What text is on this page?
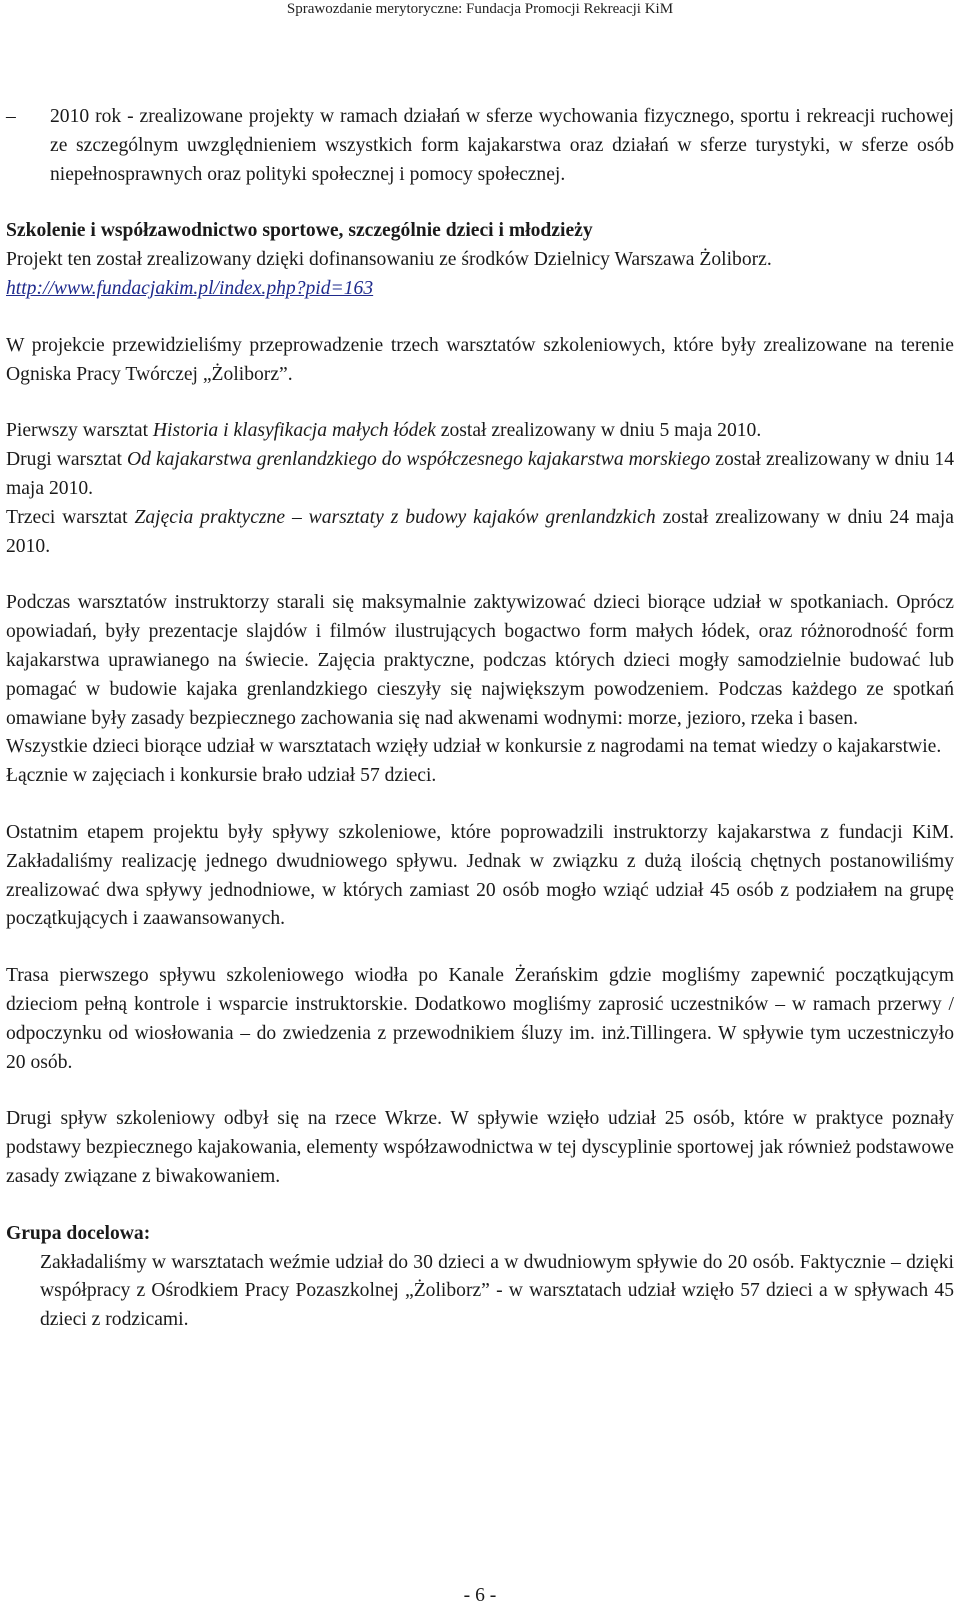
Sprawozdanie merytoryczne: Fundacja Promocji Rekreacji KiM
–	2010 rok - zrealizowane projekty w ramach działań w sferze wychowania fizycznego, sportu i rekreacji ruchowej ze szczególnym uwzględnieniem wszystkich form kajakarstwa oraz działań w sferze turystyki, w sferze osób niepełnosprawnych oraz polityki społecznej i pomocy społecznej.

Szkolenie i współzawodnictwo sportowe, szczególnie dzieci i młodzieży

Projekt ten został zrealizowany dzięki dofinansowaniu ze środków Dzielnicy Warszawa Żoliborz.

http://www.fundacjakim.pl/index.php?pid=163

W projekcie przewidzieliśmy przeprowadzenie trzech warsztatów szkoleniowych, które były zrealizowane na terenie Ogniska Pracy Twórczej „Żoliborz”.

Pierwszy warsztat Historia i klasyfikacja małych łódek został zrealizowany w dniu 5 maja 2010.

Drugi warsztat Od kajakarstwa grenlandzkiego do współczesnego kajakarstwa morskiego został zrealizowany w dniu 14 maja 2010.

Trzeci warsztat Zajęcia praktyczne – warsztaty z budowy kajaków grenlandzkich został zrealizowany w dniu 24 maja 2010.

Podczas warsztatów instruktorzy starali się maksymalnie zaktywizować dzieci biorące udział w spotkaniach. Oprócz opowiadań, były prezentacje slajdów i filmów ilustrujących bogactwo form małych łódek, oraz różnorodność form kajakarstwa uprawianego na świecie. Zajęcia praktyczne, podczas których dzieci mogły samodzielnie budować lub pomagać w budowie kajaka grenlandzkiego cieszyły się największym powodzeniem. Podczas każdego ze spotkań omawiane były zasady bezpiecznego zachowania się nad akwenami wodnymi: morze, jezioro, rzeka i basen.

Wszystkie dzieci biorące udział w warsztatach wzięły udział w konkursie z nagrodami na temat wiedzy o kajakarstwie.

Łącznie w zajęciach i konkursie brało udział 57 dzieci.

Ostatnim etapem projektu były spływy szkoleniowe, które poprowadzili instruktorzy kajakarstwa z fundacji KiM. Zakładaliśmy realizację jednego dwudniowego spływu. Jednak w związku z dużą ilością chętnych postanowiliśmy zrealizować dwa spływy jednodniowe, w których zamiast 20 osób mogło wziąć udział 45 osób z podziałem na grupę początkujących i zaawansowanych.

Trasa pierwszego spływu szkoleniowego wiodła po Kanale Żerańskim gdzie mogliśmy zapewnić początkującym dzieciom pełną kontrole i wsparcie instruktorskie. Dodatkowo mogliśmy zaprosić uczestników – w ramach przerwy / odpoczynku od wiosłowania – do zwiedzenia z przewodnikiem śluzy im. inż.Tillingera. W spływie tym uczestniczyło 20 osób.

Drugi spływ szkoleniowy odbył się na rzece Wkrze. W spływie wzięło udział 25 osób, które w praktyce poznały podstawy bezpiecznego kajakowania, elementy współzawodnictwa w tej dyscyplinie sportowej jak również podstawowe zasady związane z biwakowaniem.

Grupa docelowa:

Zakładaliśmy w warsztatach weźmie udział do 30 dzieci a w dwudniowym spływie do 20 osób. Faktycznie – dzięki współpracy z Ośrodkiem Pracy Pozaszkolnej „Żoliborz” - w warsztatach udział wzięło 57 dzieci a w spływach 45 dzieci z rodzicami.

- 6 -
